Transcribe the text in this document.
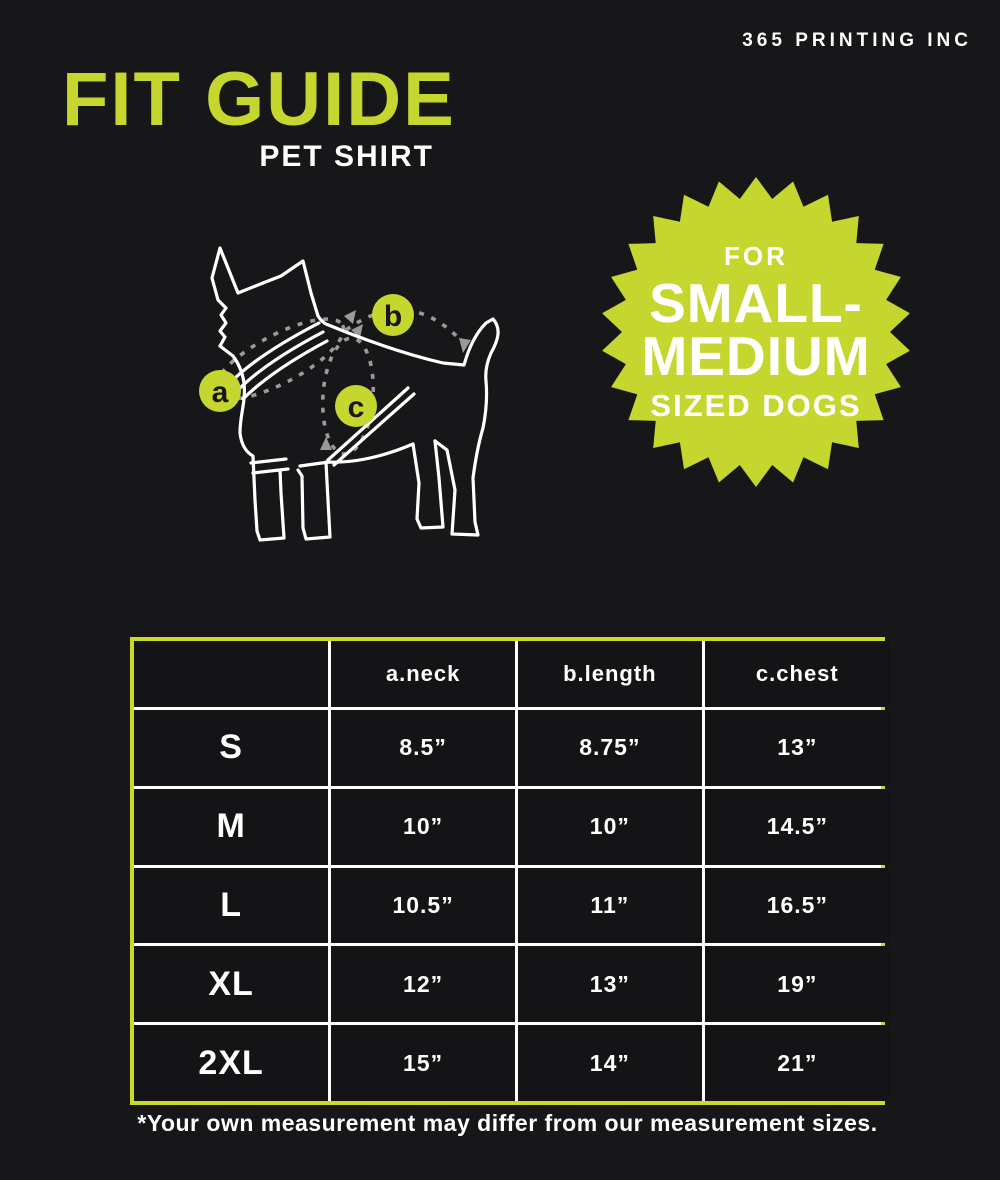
365 PRINTING INC
FIT GUIDE
PET SHIRT
a
b
c
FOR
SMALL-
MEDIUM
SIZED DOGS
a.neck	b.length	c.chest
S	8.5”	8.75”	13”
M	10”	10”	14.5”
L	10.5”	11”	16.5”
XL	12”	13”	19”
2XL	15”	14”	21”
*Your own measurement may differ from our measurement sizes.
